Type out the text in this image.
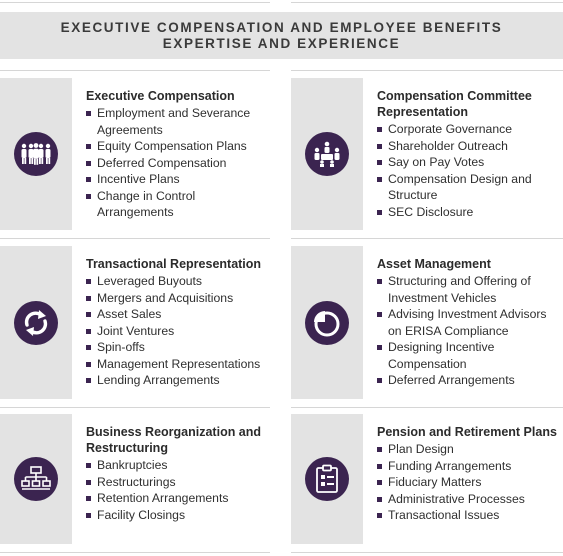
EXECUTIVE COMPENSATION AND EMPLOYEE BENEFITS
EXPERTISE AND EXPERIENCE
Executive Compensation
Employment and Severance Agreements
Equity Compensation Plans
Deferred Compensation
Incentive Plans
Change in Control Arrangements
Compensation Committee Representation
Corporate Governance
Shareholder Outreach
Say on Pay Votes
Compensation Design and Structure
SEC Disclosure
Transactional Representation
Leveraged Buyouts
Mergers and Acquisitions
Asset Sales
Joint Ventures
Spin-offs
Management Representations
Lending Arrangements
Asset Management
Structuring and Offering of Investment Vehicles
Advising Investment Advisors on ERISA Compliance
Designing Incentive Compensation
Deferred Arrangements
Business Reorganization and Restructuring
Bankruptcies
Restructurings
Retention Arrangements
Facility Closings
Pension and Retirement Plans
Plan Design
Funding Arrangements
Fiduciary Matters
Administrative Processes
Transactional Issues
